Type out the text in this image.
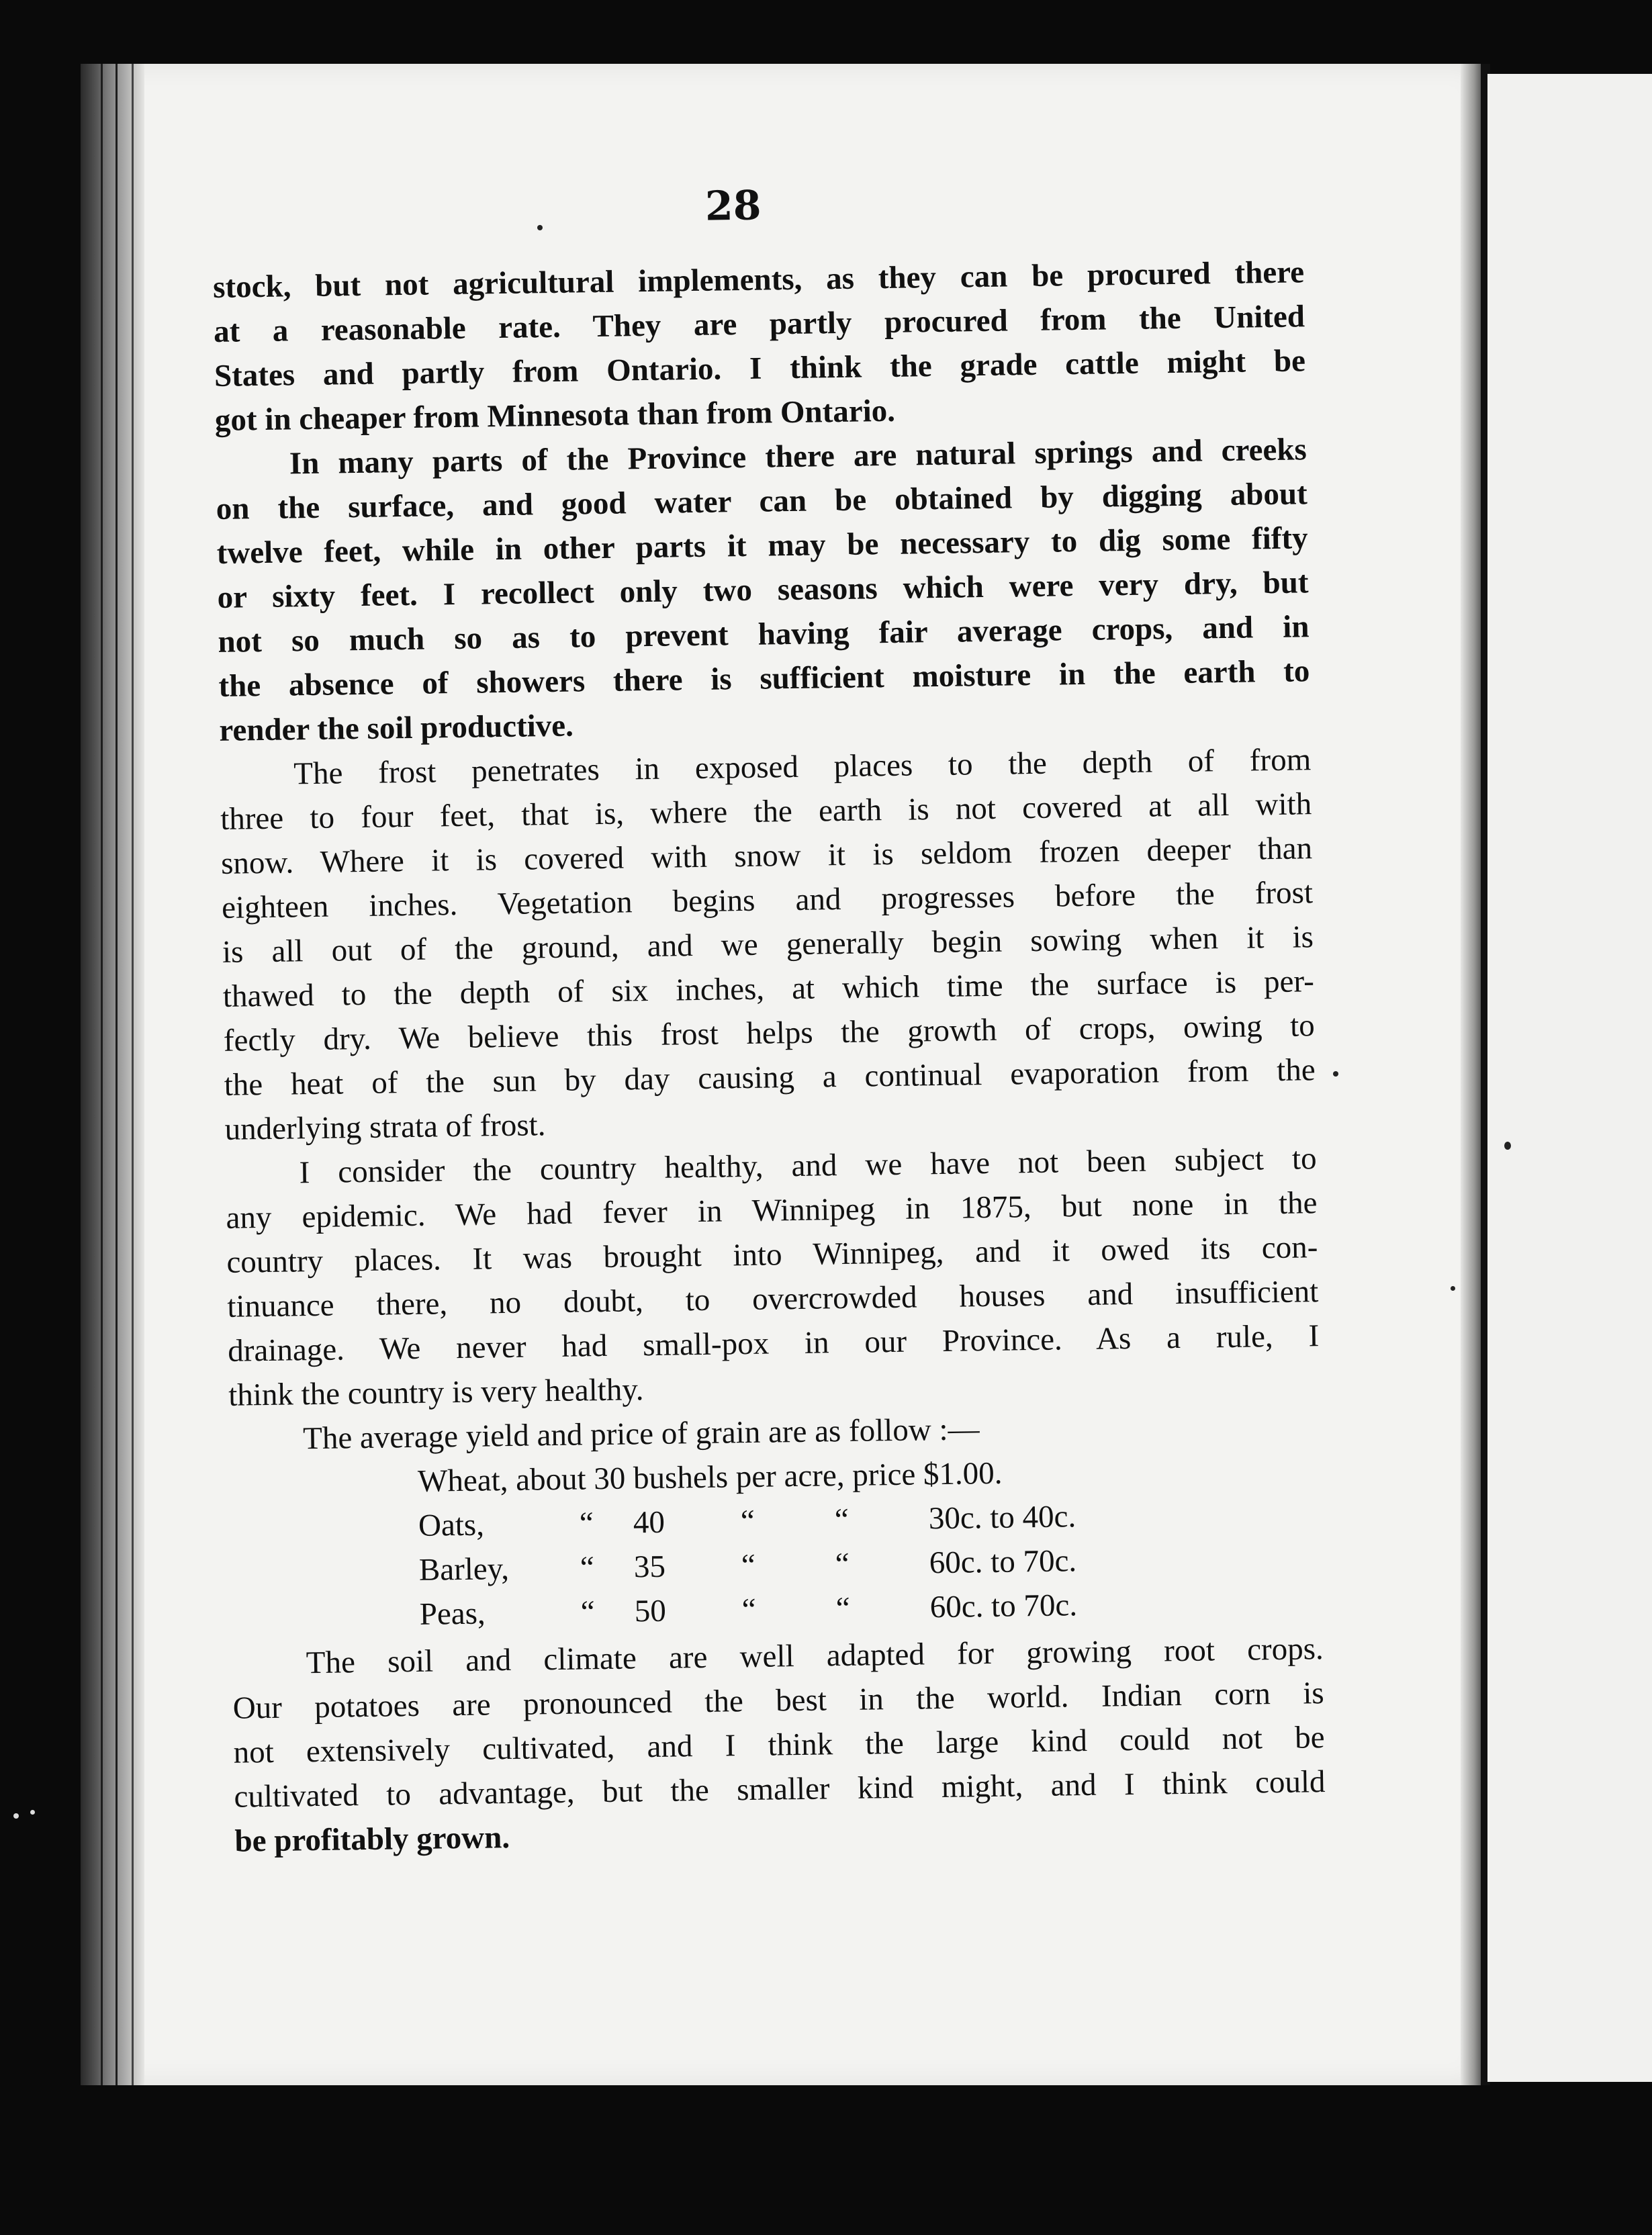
28

stock, but not agricultural implements, as they can be procured there
at a reasonable rate. They are partly procured from the United
States and partly from Ontario. I think the grade cattle might be
got in cheaper from Minnesota than from Ontario.

In many parts of the Province there are natural springs and creeks
on the surface, and good water can be obtained by digging about
twelve feet, while in other parts it may be necessary to dig some fifty
or sixty feet. I recollect only two seasons which were very dry, but
not so much so as to prevent having fair average crops, and in
the absence of showers there is sufficient moisture in the earth to
render the soil productive.

The frost penetrates in exposed places to the depth of from
three to four feet, that is, where the earth is not covered at all with
snow. Where it is covered with snow it is seldom frozen deeper than
eighteen inches. Vegetation begins and progresses before the frost
is all out of the ground, and we generally begin sowing when it is
thawed to the depth of six inches, at which time the surface is per-
fectly dry. We believe this frost helps the growth of crops, owing to
the heat of the sun by day causing a continual evaporation from the
underlying strata of frost.

I consider the country healthy, and we have not been subject to
any epidemic. We had fever in Winnipeg in 1875, but none in the
country places. It was brought into Winnipeg, and it owed its con-
tinuance there, no doubt, to overcrowded houses and insufficient
drainage. We never had small-pox in our Province. As a rule, I
think the country is very healthy.

The average yield and price of grain are as follow :—

Wheat, about 30 bushels per acre, price $1.00.
Oats,	“ 40 “	“	30c. to 40c.
Barley, “ 35 “	“	60c. to 70c.
Peas,	“ 50 “	“	60c. to 70c.

The soil and climate are well adapted for growing root crops.
Our potatoes are pronounced the best in the world. Indian corn is
not extensively cultivated, and I think the large kind could not be
cultivated to advantage, but the smaller kind might, and I think could
be profitably grown.
